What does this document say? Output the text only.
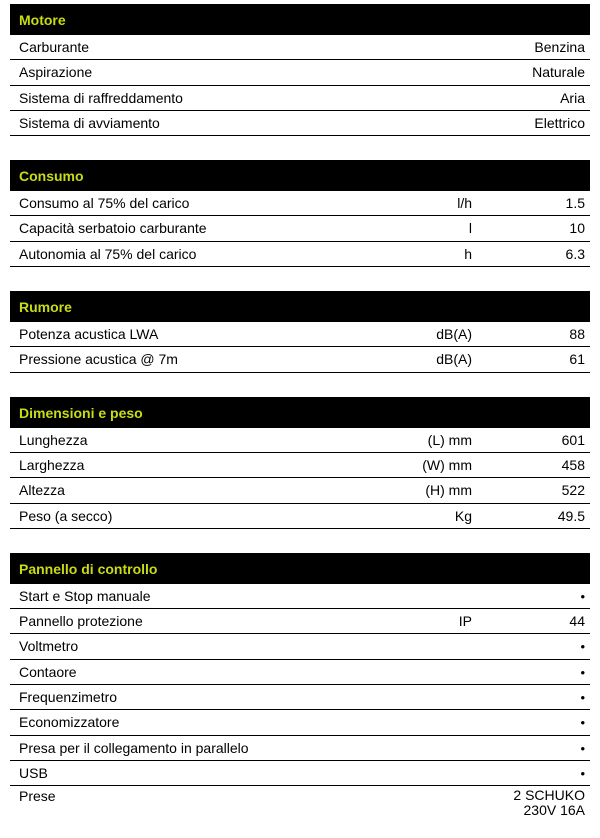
Motore
Carburante	Benzina
Aspirazione	Naturale
Sistema di raffreddamento	Aria
Sistema di avviamento	Elettrico
Consumo
Consumo al 75% del carico	l/h	1.5
Capacità serbatoio carburante	l	10
Autonomia al 75% del carico	h	6.3
Rumore
Potenza acustica LWA	dB(A)	88
Pressione acustica @ 7m	dB(A)	61
Dimensioni e peso
Lunghezza	(L) mm	601
Larghezza	(W) mm	458
Altezza	(H) mm	522
Peso (a secco)	Kg	49.5
Pannello di controllo
Start e Stop manuale	•
Pannello protezione	IP	44
Voltmetro	•
Contaore	•
Frequenzimetro	•
Economizzatore	•
Presa per il collegamento in parallelo	•
USB	•
Prese	2 SCHUKO
230V 16A
